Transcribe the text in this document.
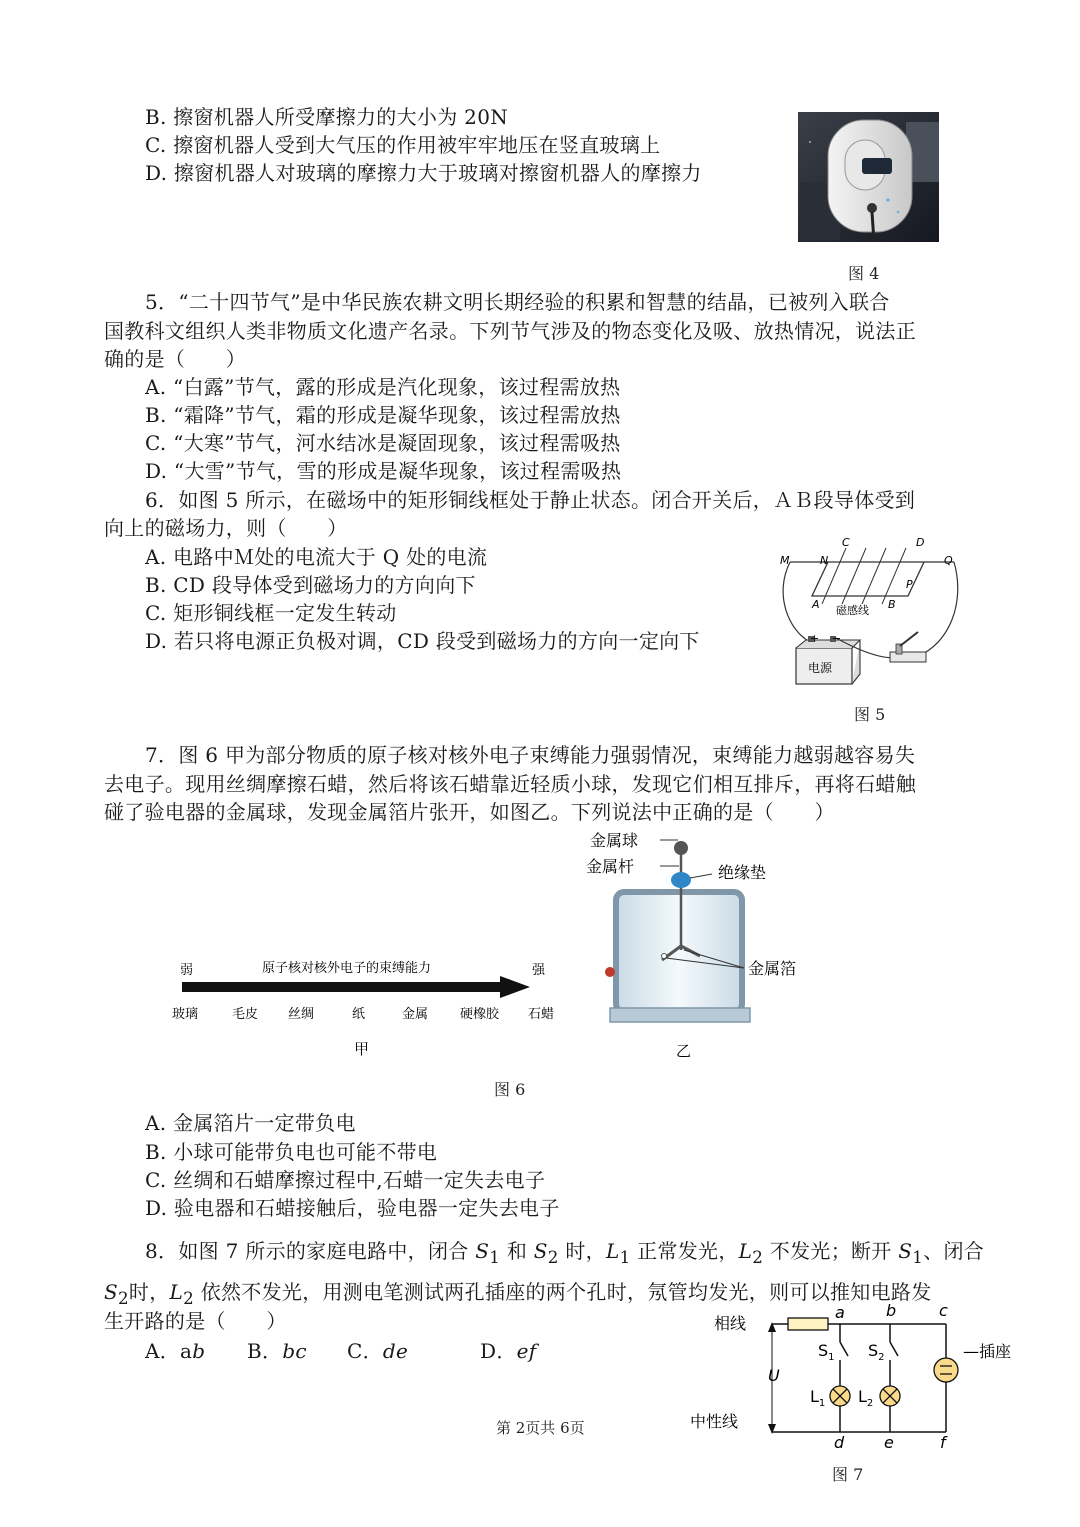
B. 擦窗机器人所受摩擦力的大小为 20N
C. 擦窗机器人受到大气压的作用被牢牢地压在竖直玻璃上
D. 擦窗机器人对玻璃的摩擦力大于玻璃对擦窗机器人的摩擦力
图 4
5．“二十四节气”是中华民族农耕文明长期经验的积累和智慧的结晶，已被列入联合
国教科文组织人类非物质文化遗产名录。下列节气涉及的物态变化及吸、放热情况，说法正
确的是（　　）
A. “白露”节气，露的形成是汽化现象，该过程需放热
B. “霜降”节气，霜的形成是凝华现象，该过程需放热
C. “大寒”节气，河水结冰是凝固现象，该过程需吸热
D. “大雪”节气，雪的形成是凝华现象，该过程需吸热
6．如图 5 所示，在磁场中的矩形铜线框处于静止状态。闭合开关后，ＡＢ段导体受到
向上的磁场力，则（　　）
A. 电路中Ｍ处的电流大于 Q 处的电流
B. CD 段导体受到磁场力的方向向下
C. 矩形铜线框一定发生转动
D. 若只将电源正负极对调，CD 段受到磁场力的方向一定向下
M	N
C	D
Q
P
A	B
磁感线
+ −
电源
图 5
7．图 6 甲为部分物质的原子核对核外电子束缚能力强弱情况，束缚能力越弱越容易失
去电子。现用丝绸摩擦石蜡，然后将该石蜡靠近轻质小球，发现它们相互排斥，再将石蜡触
碰了验电器的金属球，发现金属箔片张开，如图乙。下列说法中正确的是（　　）
弱	原子核对核外电子的束缚能力	强
玻璃	毛皮 丝绸	纸	金属 硬橡胶 石蜡
甲
金属球
金属杆	绝缘垫
金属箔
乙
图 6
A. 金属箔片一定带负电
B. 小球可能带负电也可能不带电
C. 丝绸和石蜡摩擦过程中,石蜡一定失去电子
D. 验电器和石蜡接触后，验电器一定失去电子
8．如图 7 所示的家庭电路中，闭合 $S_1$ 和 $S_2$ 时，$L_1$ 正常发光，$L_2$ 不发光；断开 $S_1$、闭合
$S_2$时，$L_2$ 依然不发光，用测电笔测试两孔插座的两个孔时，氖管均发光，则可以推知电路发
生开路的是（　　）
A．ab B．bc C．de	D．ef
相线
中性线
—插座
U
a	b	c
d e	f
$S_1$ $S_2$
$L_1$ $L_2$
图 7
第 2页共 6页
